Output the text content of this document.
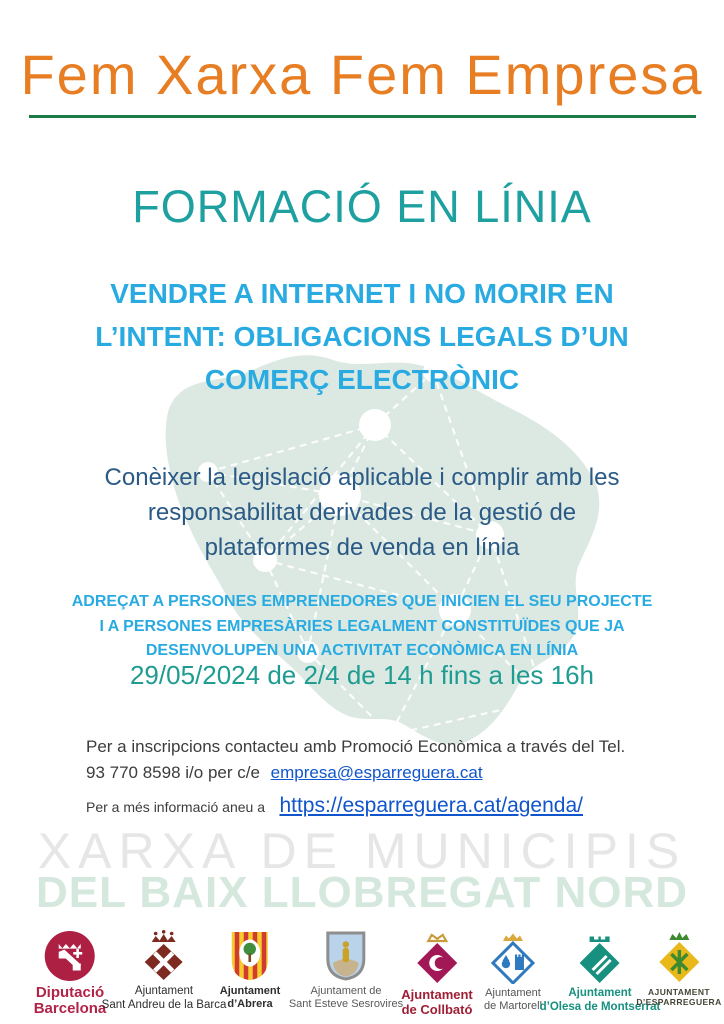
XARXA DE MUNICIPIS
DEL BAIX LLOBREGAT NORD
Fem Xarxa Fem Empresa
FORMACIÓ EN LÍNIA
VENDRE A INTERNET I NO MORIR EN
L’INTENT: OBLIGACIONS LEGALS D’UN
COMERÇ ELECTRÒNIC
Conèixer la legislació aplicable i complir amb les
responsabilitat derivades de la gestió de
plataformes de venda en línia
ADREÇAT A PERSONES EMPRENEDORES QUE INICIEN EL SEU PROJECTE
I A PERSONES EMPRESÀRIES LEGALMENT CONSTITUÏDES QUE JA
DESENVOLUPEN UNA ACTIVITAT ECONÒMICA EN LÍNIA
29/05/2024 de 2/4 de 14 h fins a les 16h
Per a inscripcions contacteu amb Promoció Econòmica a través del Tel.
93 770 8598 i/o per c/e empresa@esparreguera.cat
Per a més informació aneu a https://esparreguera.cat/agenda/
Diputació
Barcelona
Ajuntament
Sant Andreu de la Barca
Ajuntament
d’Abrera
Ajuntament de
Sant Esteve Sesrovires
Ajuntament
de Collbató
Ajuntament
de Martorell
Ajuntament
d’Olesa de Montserrat
AJUNTAMENT
D’ESPARREGUERA
